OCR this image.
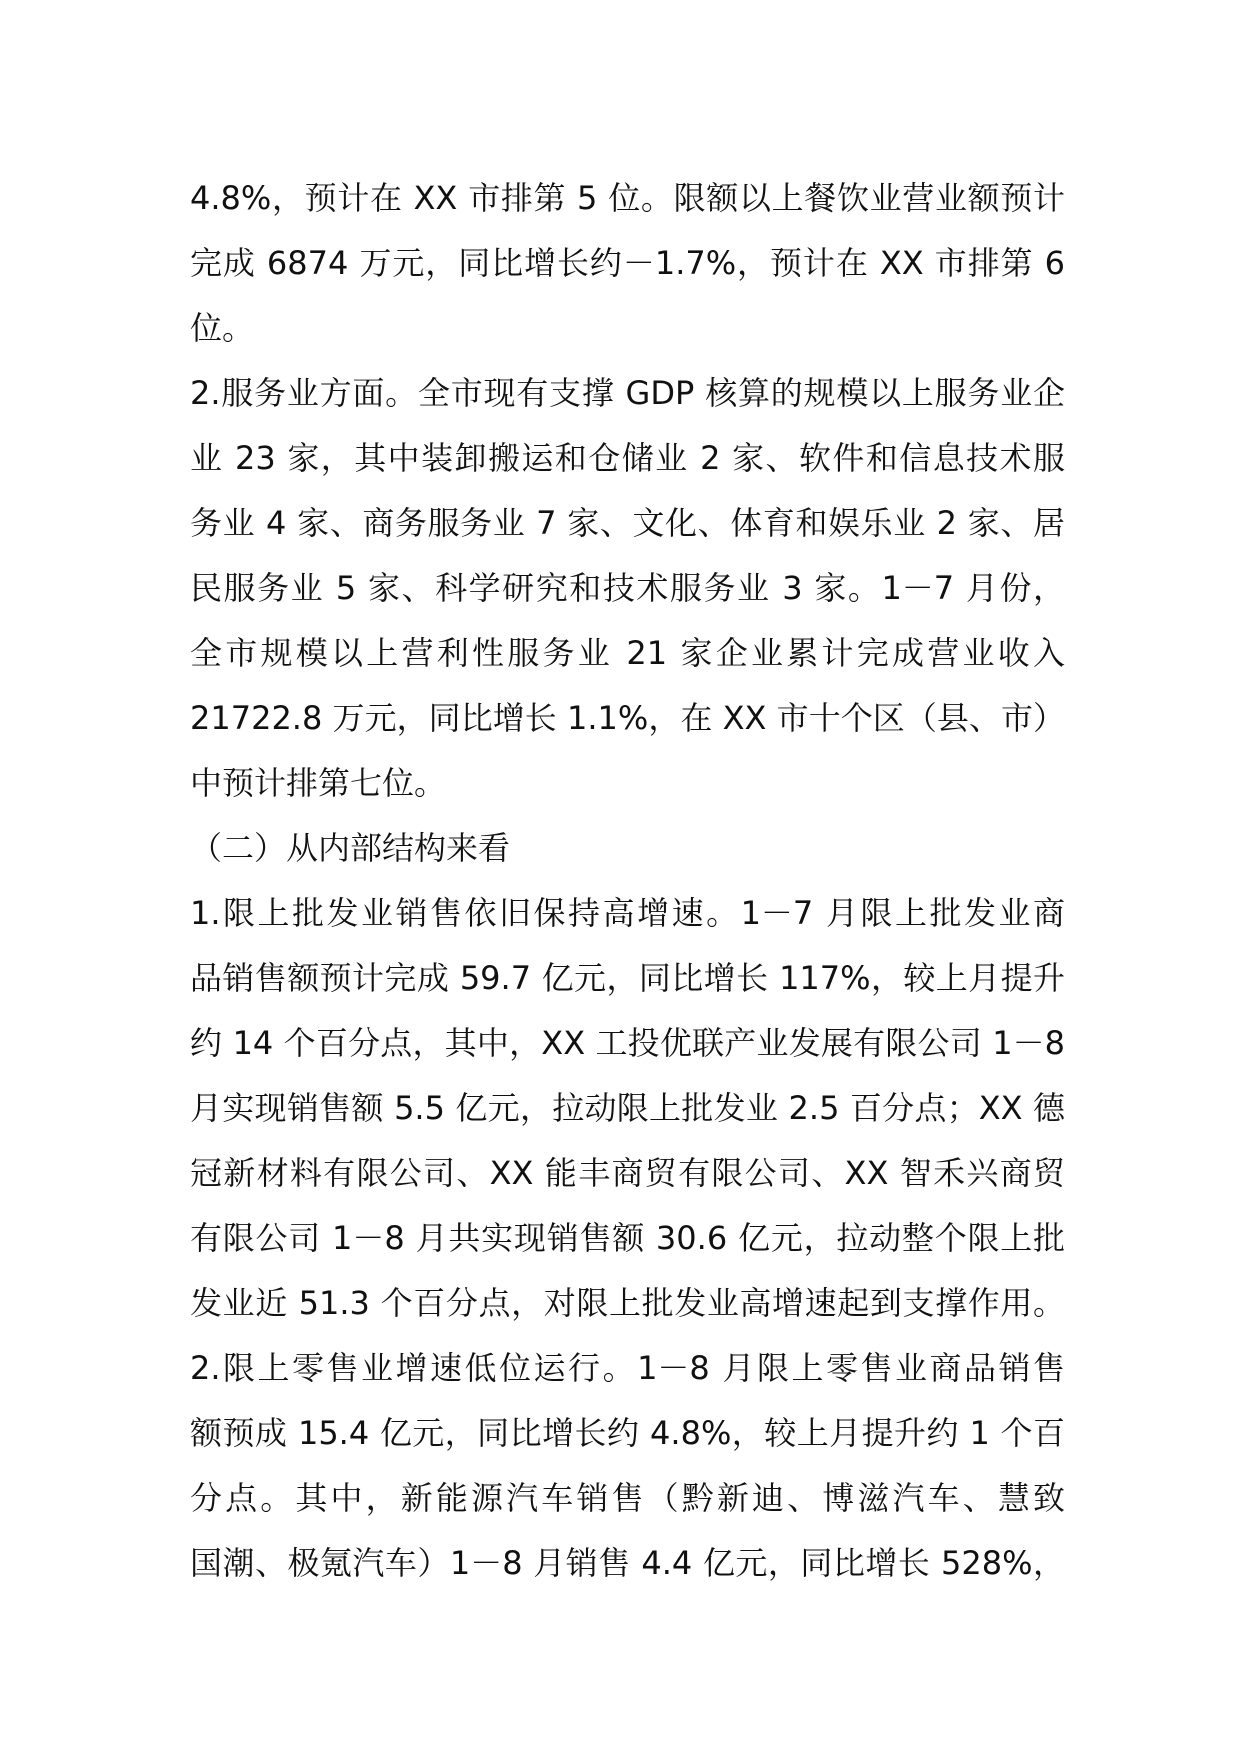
4.8%，预计在 XX 市排第 5 位。限额以上餐饮业营业额预计
完成 6874 万元，同比增长约－1.7%，预计在 XX 市排第 6
位。
2.服务业方面。全市现有支撑 GDP 核算的规模以上服务业企
业 23 家，其中装卸搬运和仓储业 2 家、软件和信息技术服
务业 4 家、商务服务业 7 家、文化、体育和娱乐业 2 家、居
民服务业 5 家、科学研究和技术服务业 3 家。1－7 月份，
全市规模以上营利性服务业 21 家企业累计完成营业收入
21722.8 万元，同比增长 1.1%，在 XX 市十个区（县、市）
中预计排第七位。
（二）从内部结构来看
1.限上批发业销售依旧保持高增速。1－7 月限上批发业商
品销售额预计完成 59.7 亿元，同比增长 117%，较上月提升
约 14 个百分点，其中，XX 工投优联产业发展有限公司 1－8
月实现销售额 5.5 亿元，拉动限上批发业 2.5 百分点；XX 德
冠新材料有限公司、XX 能丰商贸有限公司、XX 智禾兴商贸
有限公司 1－8 月共实现销售额 30.6 亿元，拉动整个限上批
发业近 51.3 个百分点，对限上批发业高增速起到支撑作用。
2.限上零售业增速低位运行。1－8 月限上零售业商品销售
额预成 15.4 亿元，同比增长约 4.8%，较上月提升约 1 个百
分点。其中，新能源汽车销售（黔新迪、博滋汽车、慧致
国潮、极氪汽车）1－8 月销售 4.4 亿元，同比增长 528%，
